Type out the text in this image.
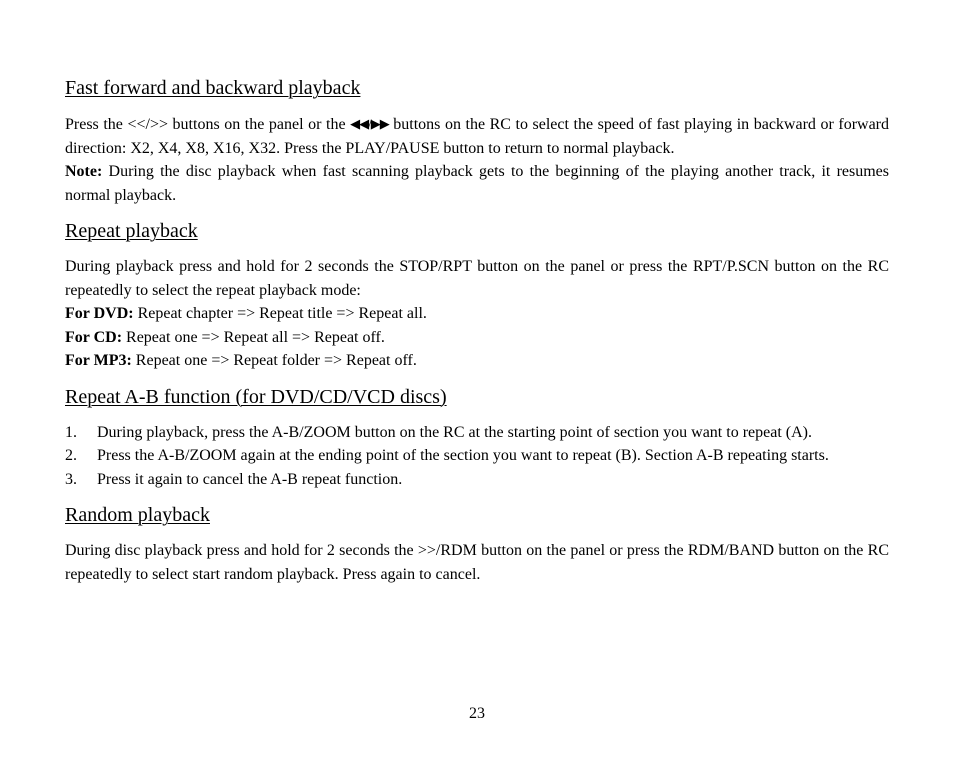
Fast forward and backward playback

Press the <</>> buttons on the panel or the ◀◀/▶▶ buttons on the RC to select the speed of fast playing in backward or forward direction: X2, X4, X8, X16, X32. Press the PLAY/PAUSE button to return to normal playback.

Note: During the disc playback when fast scanning playback gets to the beginning of the playing another track, it resumes normal playback.

Repeat playback

During playback press and hold for 2 seconds the STOP/RPT button on the panel or press the RPT/P.SCN button on the RC repeatedly to select the repeat playback mode:

For DVD: Repeat chapter => Repeat title => Repeat all.

For CD: Repeat one => Repeat all => Repeat off.

For MP3: Repeat one => Repeat folder => Repeat off.

Repeat A-B function (for DVD/CD/VCD discs)
1. During playback, press the A-B/ZOOM button on the RC at the starting point of section you want to repeat (A).
2. Press the A-B/ZOOM again at the ending point of the section you want to repeat (B). Section A-B repeating starts.
3. Press it again to cancel the A-B repeat function.
Random playback

During disc playback press and hold for 2 seconds the >>/RDM button on the panel or press the RDM/BAND button on the RC repeatedly to select start random playback. Press again to cancel.

23
